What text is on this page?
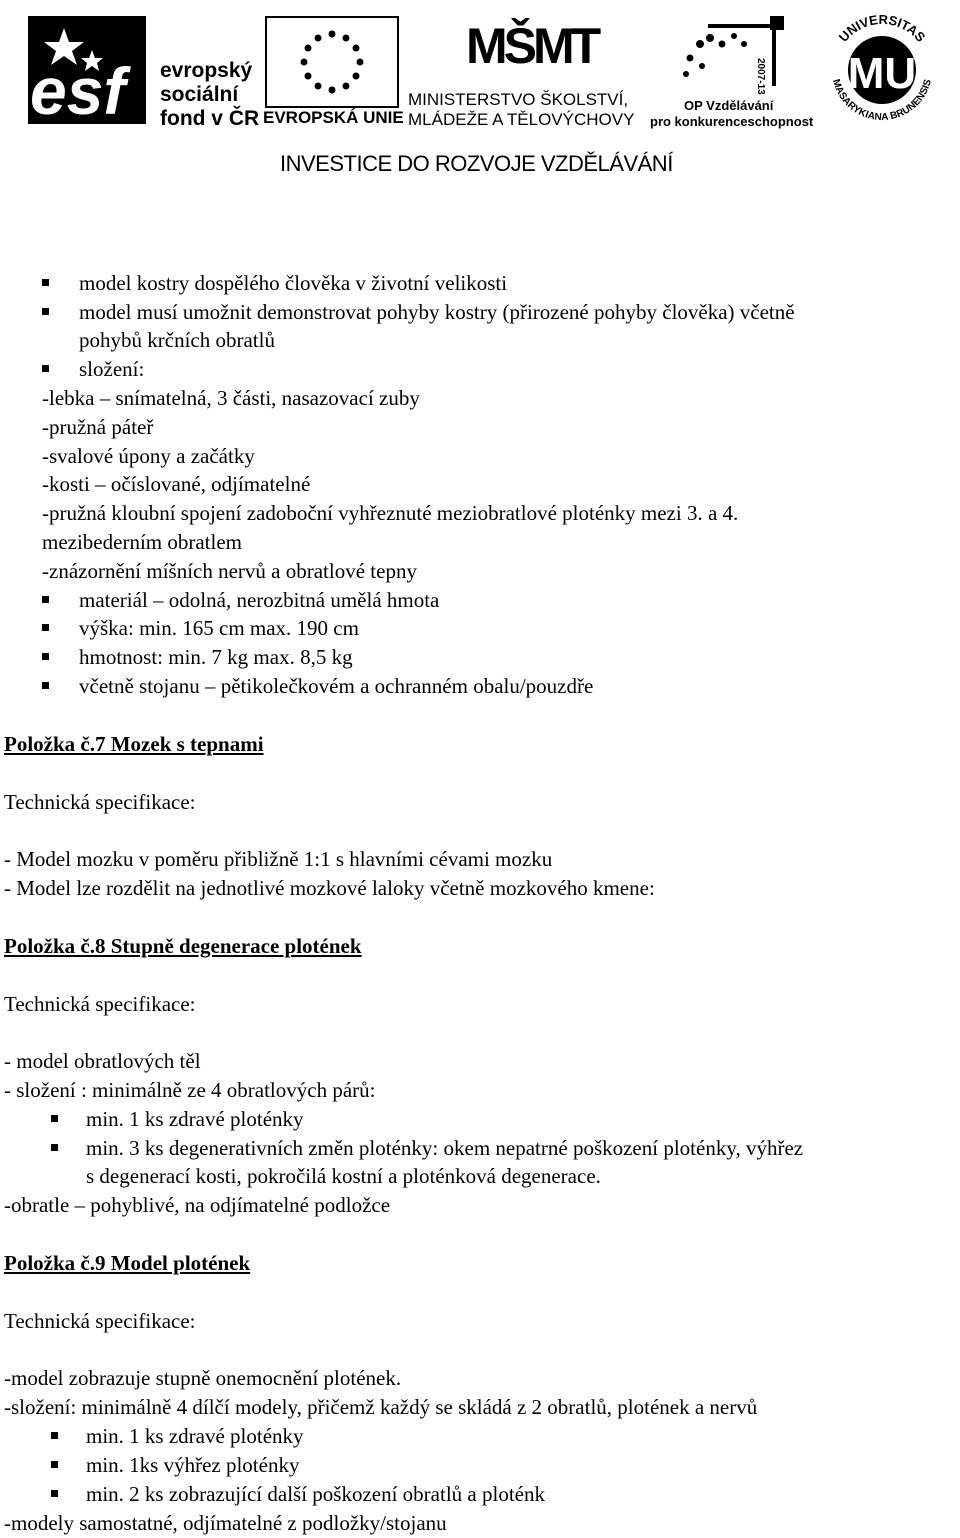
esf evropský
sociální
fond v ČR EVROPSKÁ UNIE
MŠMT
MINISTERSTVO ŠKOLSTVÍ,
MLÁDEŽE A TĚLOVÝCHOVY
2007-13
OP Vzdělávání
pro konkurenceschopnost
UNIVERSITAS
MASARYKIANA BRUNENSIS
MU
INVESTICE DO ROZVOJE VZDĚLÁVÁNÍ
model kostry dospělého člověka v životní velikosti
model musí umožnit demonstrovat pohyby kostry (přirozené pohyby člověka) včetně
pohybů krčních obratlů
složení:
-lebka – snímatelná, 3 části, nasazovací zuby
-pružná páteř
-svalové úpony a začátky
-kosti – očíslované, odjímatelné
-pružná kloubní spojení zadoboční vyhřeznuté meziobratlové ploténky mezi 3. a 4.
mezibederním obratlem
-znázornění míšních nervů a obratlové tepny
materiál – odolná, nerozbitná umělá hmota
výška: min. 165 cm max. 190 cm
hmotnost: min. 7 kg max. 8,5 kg
včetně stojanu – pětikolečkovém a ochranném obalu/pouzdře
Položka č.7 Mozek s tepnami
Technická specifikace:
- Model mozku v poměru přibližně 1:1 s hlavními cévami mozku
- Model lze rozdělit na jednotlivé mozkové laloky včetně mozkového kmene:
Položka č.8 Stupně degenerace plotének
Technická specifikace:
- model obratlových těl
- složení : minimálně ze 4 obratlových párů:
min. 1 ks zdravé ploténky
min. 3 ks degenerativních změn ploténky: okem nepatrné poškození ploténky, výhřez
s degenerací kosti, pokročilá kostní a ploténková degenerace.
-obratle – pohyblivé, na odjímatelné podložce
Položka č.9 Model plotének
Technická specifikace:
-model zobrazuje stupně onemocnění plotének.
-složení: minimálně 4 dílčí modely, přičemž každý se skládá z 2 obratlů, plotének a nervů
min. 1 ks zdravé ploténky
min. 1ks výhřez ploténky
min. 2 ks zobrazující další poškození obratlů a ploténk
-modely samostatné, odjímatelné z podložky/stojanu
